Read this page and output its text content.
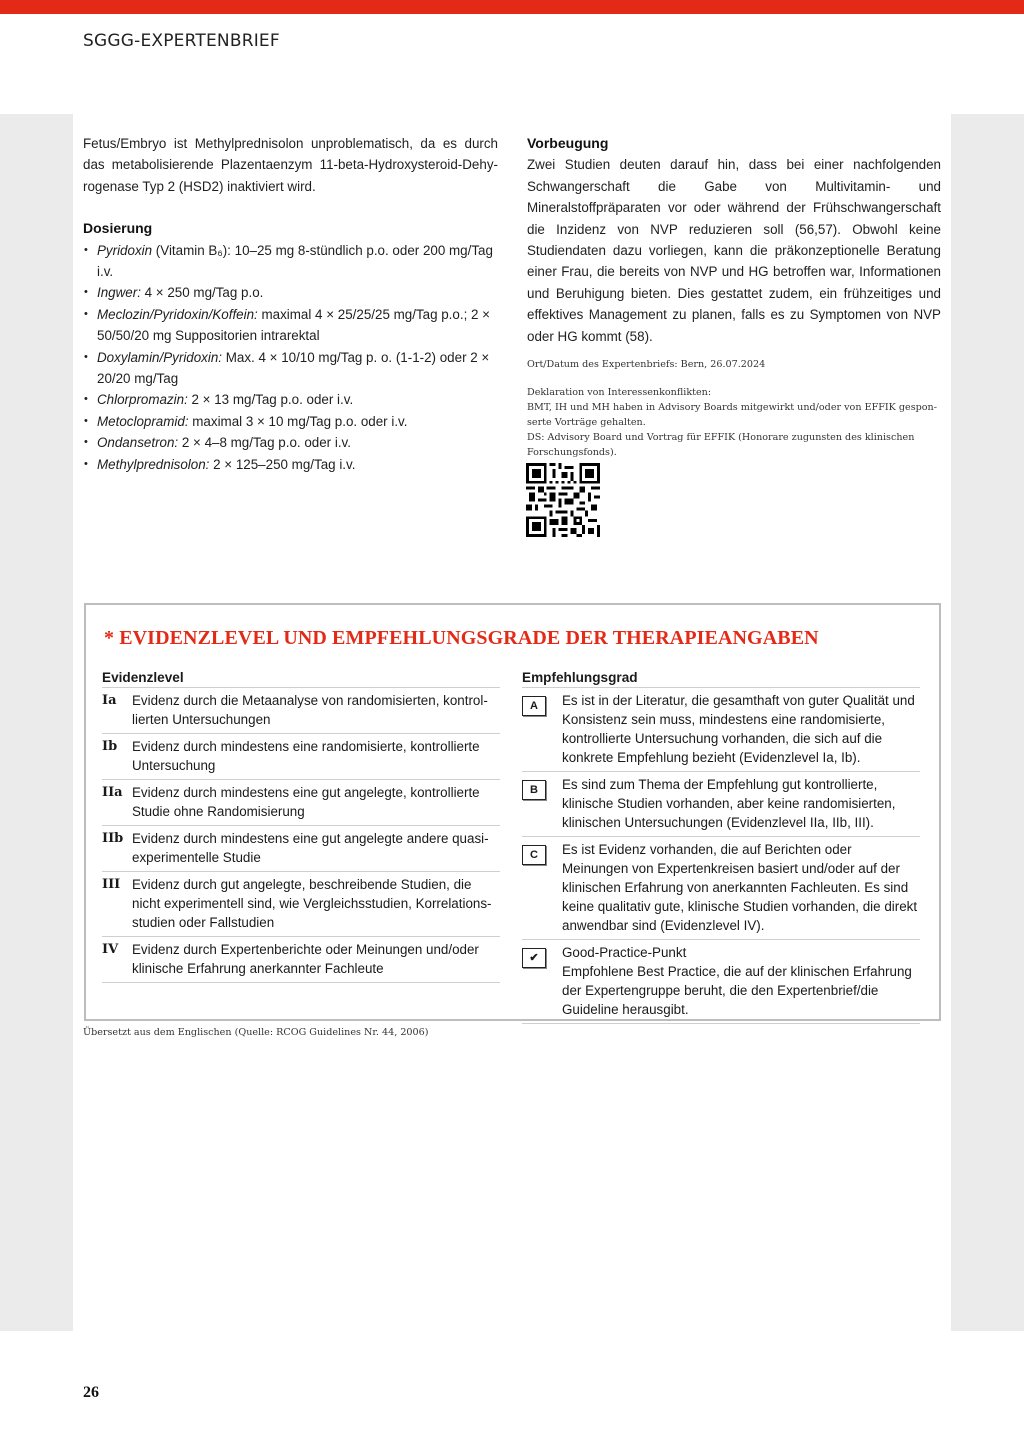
SGGG-EXPERTENBRIEF

Fetus/Embryo ist Methylprednisolon unproblematisch, da es durch das metabolisierende Plazentaenzym 11-beta-Hydroxysteroid-Dehyrogenase Typ 2 (HSD2) inaktiviert wird.

Dosierung
• Pyridoxin (Vitamin B₆): 10–25 mg 8-stündlich p.o. oder 200 mg/Tag i.v.
• Ingwer: 4 × 250 mg/Tag p.o.
• Meclozin/Pyridoxin/Koffein: maximal 4 × 25/25/25 mg/Tag p.o.; 2 × 50/50/20 mg Suppositorien intrarektal
• Doxylamin/Pyridoxin: Max. 4 × 10/10 mg/Tag p. o. (1-1-2) oder 2 × 20/20 mg/Tag
• Chlorpromazin: 2 × 13 mg/Tag p.o. oder i.v.
• Metoclopramid: maximal 3 × 10 mg/Tag p.o. oder i.v.
• Ondansetron: 2 × 4–8 mg/Tag p.o. oder i.v.
• Methylprednisolon: 2 × 125–250 mg/Tag i.v.
Vorbeugung

Zwei Studien deuten darauf hin, dass bei einer nachfolgenden Schwangerschaft die Gabe von Multivitamin- und Mineralstoffpräparaten vor oder während der Frühschwangerschaft die Inzidenz von NVP reduzieren soll (56,57). Obwohl keine Studiendaten dazu vorliegen, kann die präkonzeptionelle Beratung einer Frau, die bereits von NVP und HG betroffen war, Informationen und Beruhigung bieten. Dies gestattet zudem, ein frühzeitiges und effektives Management zu planen, falls es zu Symptomen von NVP oder HG kommt (58).

Ort/Datum des Expertenbriefs: Bern, 26.07.2024
Deklaration von Interessenkonflikten:
BMT, IH und MH haben in Advisory Boards mitgewirkt und/oder von EFFIK gesponserte Vorträge gehalten.
DS: Advisory Board und Vortrag für EFFIK (Honorare zugunsten des klinischen Forschungsfonds).
* EVIDENZLEVEL UND EMPFEHLUNGSGRADE DER THERAPIEANGABEN
Evidenzlevel
Ia	Evidenz durch die Metaanalyse von randomisierten, kontrollierten Untersuchungen
Ib	Evidenz durch mindestens eine randomisierte, kontrollierte Untersuchung
IIa Evidenz durch mindestens eine gut angelegte, kontrollierte Studie ohne Randomisierung
IIb Evidenz durch mindestens eine gut angelegte andere quasi-experimentelle Studie
III Evidenz durch gut angelegte, beschreibende Studien, die nicht experimentell sind, wie Vergleichsstudien, Korrelationsstudien oder Fallstudien
IV	Evidenz durch Expertenberichte oder Meinungen und/oder klinische Erfahrung anerkannter Fachleute
Empfehlungsgrad
A	Es ist in der Literatur, die gesamthaft von guter Qualität und Konsistenz sein muss, mindestens eine randomisierte, kontrollierte Untersuchung vorhanden, die sich auf die konkrete Empfehlung bezieht (Evidenzlevel Ia, Ib).
B	Es sind zum Thema der Empfehlung gut kontrollierte, klinische Studien vorhanden, aber keine randomisierten, klinischen Untersuchungen (Evidenzlevel IIa, IIb, III).
C	Es ist Evidenz vorhanden, die auf Berichten oder Meinungen von Expertenkreisen basiert und/oder auf der klinischen Erfahrung von anerkannten Fachleuten. Es sind keine qualitativ gute, klinische Studien vorhanden, die direkt anwendbar sind (Evidenzlevel IV).
✔	Good-Practice-Punkt
Empfohlene Best Practice, die auf der klinischen Erfahrung der Expertengruppe beruht, die den Expertenbrief/die Guideline herausgibt.
Übersetzt aus dem Englischen (Quelle: RCOG Guidelines Nr. 44, 2006)
26
